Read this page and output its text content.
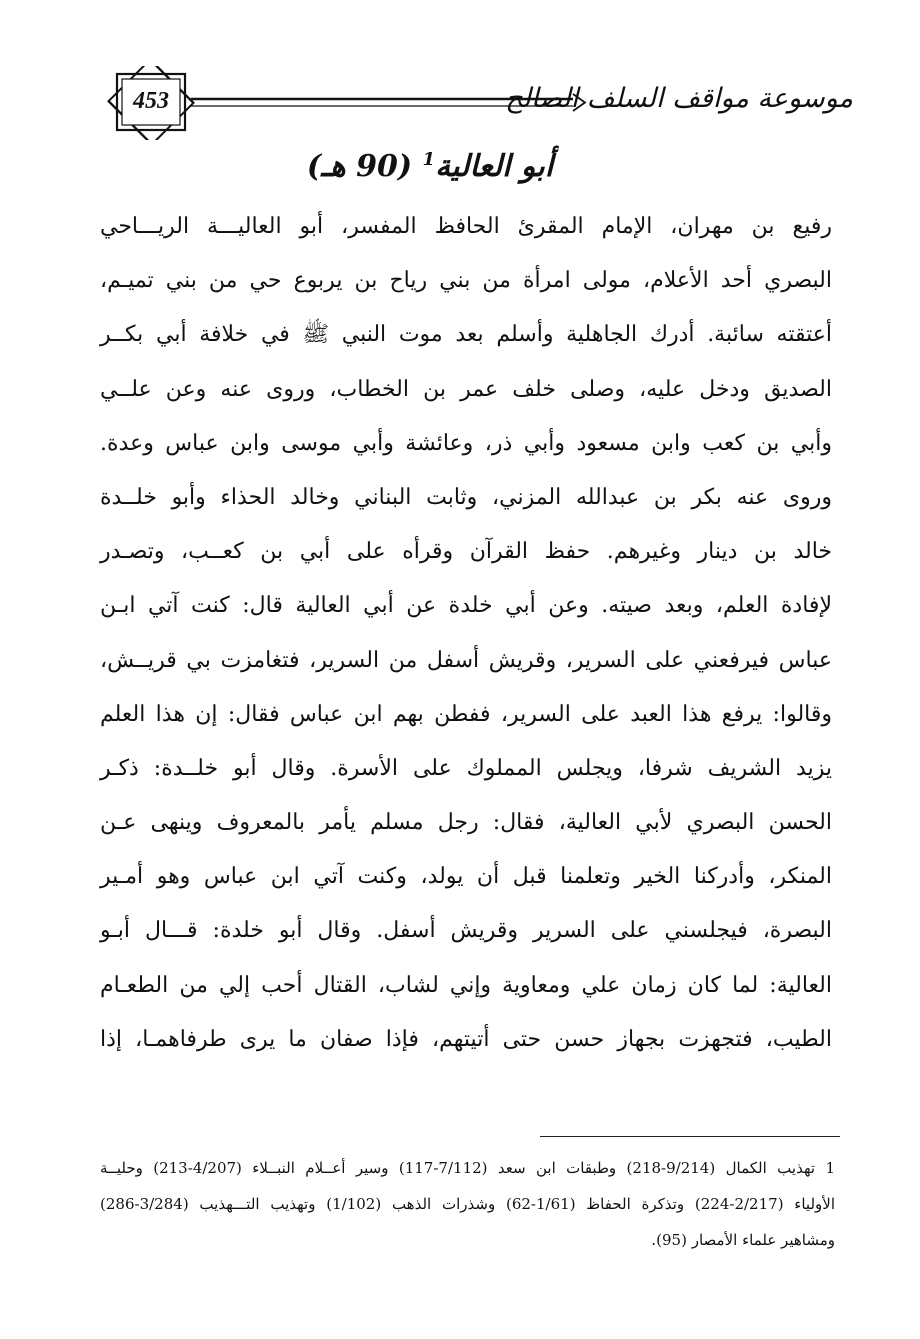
453	موسوعة مواقف السلف الصالح
أبو العالية$^1$ (90 هـ)
رفيع بن مهران، الإمام المقرئ الحافظ المفسر، أبو العاليـــة الريـــاحي
البصري أحد الأعلام، مولى امرأة من بني رياح بن يربوع حي من بني تميـم،
أعتقته سائبة. أدرك الجاهلية وأسلم بعد موت النبي ﷺ في خلافة أبي بكــر
الصديق ودخل عليه، وصلى خلف عمر بن الخطاب، وروى عنه وعن علــي
وأبي بن كعب وابن مسعود وأبي ذر، وعائشة وأبي موسى وابن عباس وعدة.
وروى عنه بكر بن عبدالله المزني، وثابت البناني وخالد الحذاء وأبو خلــدة
خالد بن دينار وغيرهم. حفظ القرآن وقرأه على أبي بن كعــب، وتصـدر
لإفادة العلم، وبعد صيته. وعن أبي خلدة عن أبي العالية قال: كنت آتي ابـن
عباس فيرفعني على السرير، وقريش أسفل من السرير، فتغامزت بي قريــش،
وقالوا: يرفع هذا العبد على السرير، ففطن بهم ابن عباس فقال: إن هذا العلم
يزيد الشريف شرفا، ويجلس المملوك على الأسرة. وقال أبو خلــدة: ذكـر
الحسن البصري لأبي العالية، فقال: رجل مسلم يأمر بالمعروف وينهى عـن
المنكر، وأدركنا الخير وتعلمنا قبل أن يولد، وكنت آتي ابن عباس وهو أمـير
البصرة، فيجلسني على السرير وقريش أسفل. وقال أبو خلدة: قـــال أبـو
العالية: لما كان زمان علي ومعاوية وإني لشاب، القتال أحب إلي من الطعـام
الطيب، فتجهزت بجهاز حسن حتى أتيتهم، فإذا صفان ما يرى طرفاهمـا، إذا
1 تهذيب الكمال (9/214-218) وطبقات ابن سعد (7/112-117) وسير أعــلام النبــلاء (4/207-213) وحليــة
الأولياء (2/217-224) وتذكرة الحفاظ (1/61-62) وشذرات الذهب (1/102) وتهذيب التـــهذيب (3/284-286)
ومشاهير علماء الأمصار (95).
